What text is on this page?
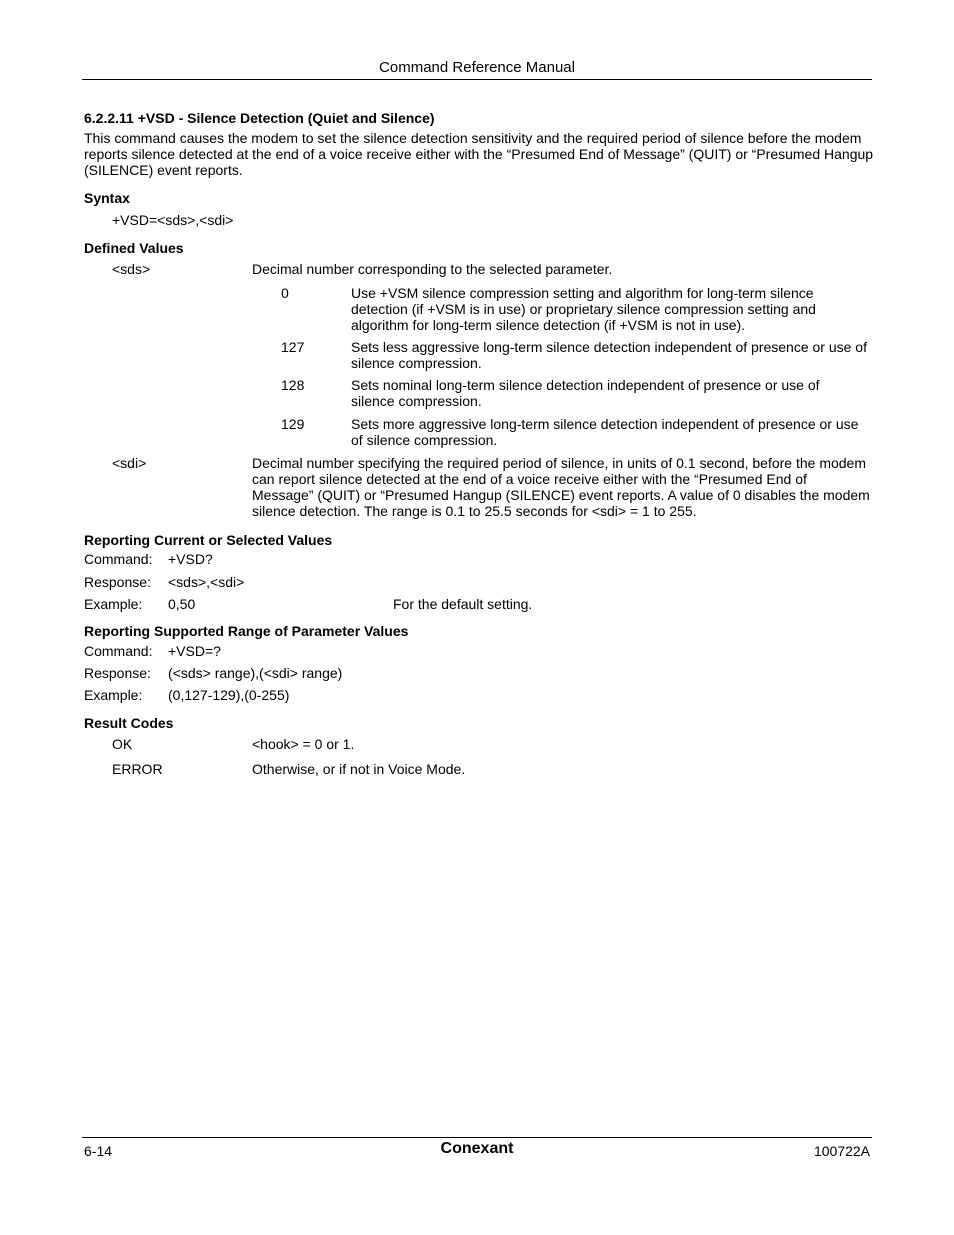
Command Reference Manual
6.2.2.11 +VSD - Silence Detection (Quiet and Silence)
This command causes the modem to set the silence detection sensitivity and the required period of silence before the modem reports silence detected at the end of a voice receive either with the “Presumed End of Message” (QUIT) or “Presumed Hangup (SILENCE) event reports.
Syntax
+VSD=<sds>,<sdi>
Defined Values
<sds>	Decimal number corresponding to the selected parameter.
0	Use +VSM silence compression setting and algorithm for long-term silence detection (if +VSM is in use) or proprietary silence compression setting and algorithm for long-term silence detection (if +VSM is not in use).
127	Sets less aggressive long-term silence detection independent of presence or use of silence compression.
128	Sets nominal long-term silence detection independent of presence or use of silence compression.
129	Sets more aggressive long-term silence detection independent of presence or use of silence compression.
<sdi>	Decimal number specifying the required period of silence, in units of 0.1 second, before the modem can report silence detected at the end of a voice receive either with the “Presumed End of Message” (QUIT) or “Presumed Hangup (SILENCE) event reports. A value of 0 disables the modem silence detection. The range is 0.1 to 25.5 seconds for <sdi> = 1 to 255.
Reporting Current or Selected Values
Command: +VSD?
Response: <sds>,<sdi>
Example: 0,50	For the default setting.
Reporting Supported Range of Parameter Values
Command: +VSD=?
Response: (<sds> range),(<sdi> range)
Example: (0,127-129),(0-255)
Result Codes
OK	<hook> = 0 or 1.
ERROR	Otherwise, or if not in Voice Mode.
6-14	Conexant	100722A
